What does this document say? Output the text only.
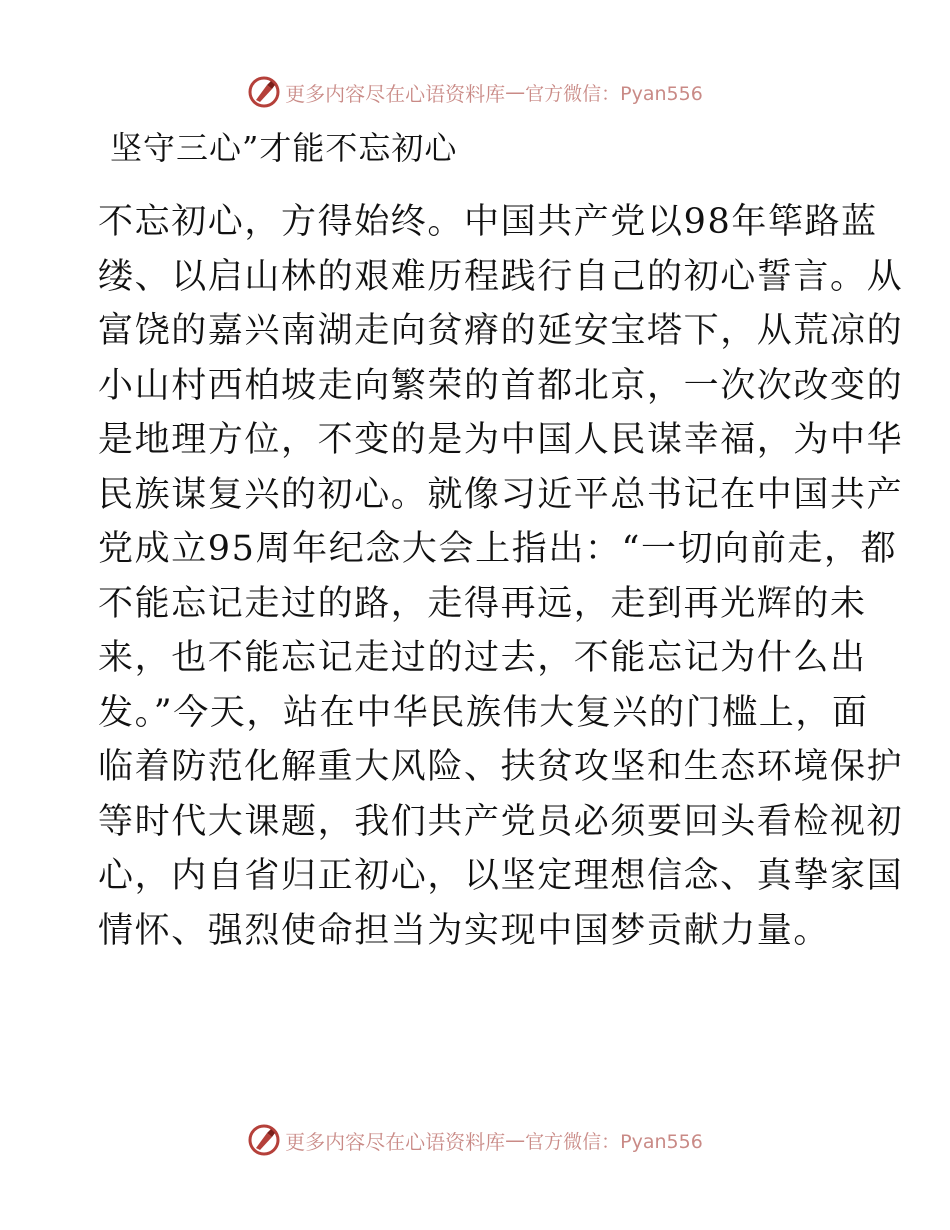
更多内容尽在心语资料库 — 官方微信：Pyan556
坚守三心”才能不忘初心
不忘初心，方得始终。中国共产党以98年筚路蓝
缕、以启山林的艰难历程践行自己的初心誓言。从
富饶的嘉兴南湖走向贫瘠的延安宝塔下，从荒凉的
小山村西柏坡走向繁荣的首都北京，一次次改变的
是地理方位，不变的是为中国人民谋幸福，为中华
民族谋复兴的初心。就像习近平总书记在中国共产
党成立95周年纪念大会上指出：“一切向前走，都
不能忘记走过的路，走得再远，走到再光辉的未
来，也不能忘记走过的过去，不能忘记为什么出
发。”今天，站在中华民族伟大复兴的门槛上，面
临着防范化解重大风险、扶贫攻坚和生态环境保护
等时代大课题，我们共产党员必须要回头看检视初
心，内自省归正初心，以坚定理想信念、真挚家国
情怀、强烈使命担当为实现中国梦贡献力量。
更多内容尽在心语资料库 — 官方微信：Pyan556
